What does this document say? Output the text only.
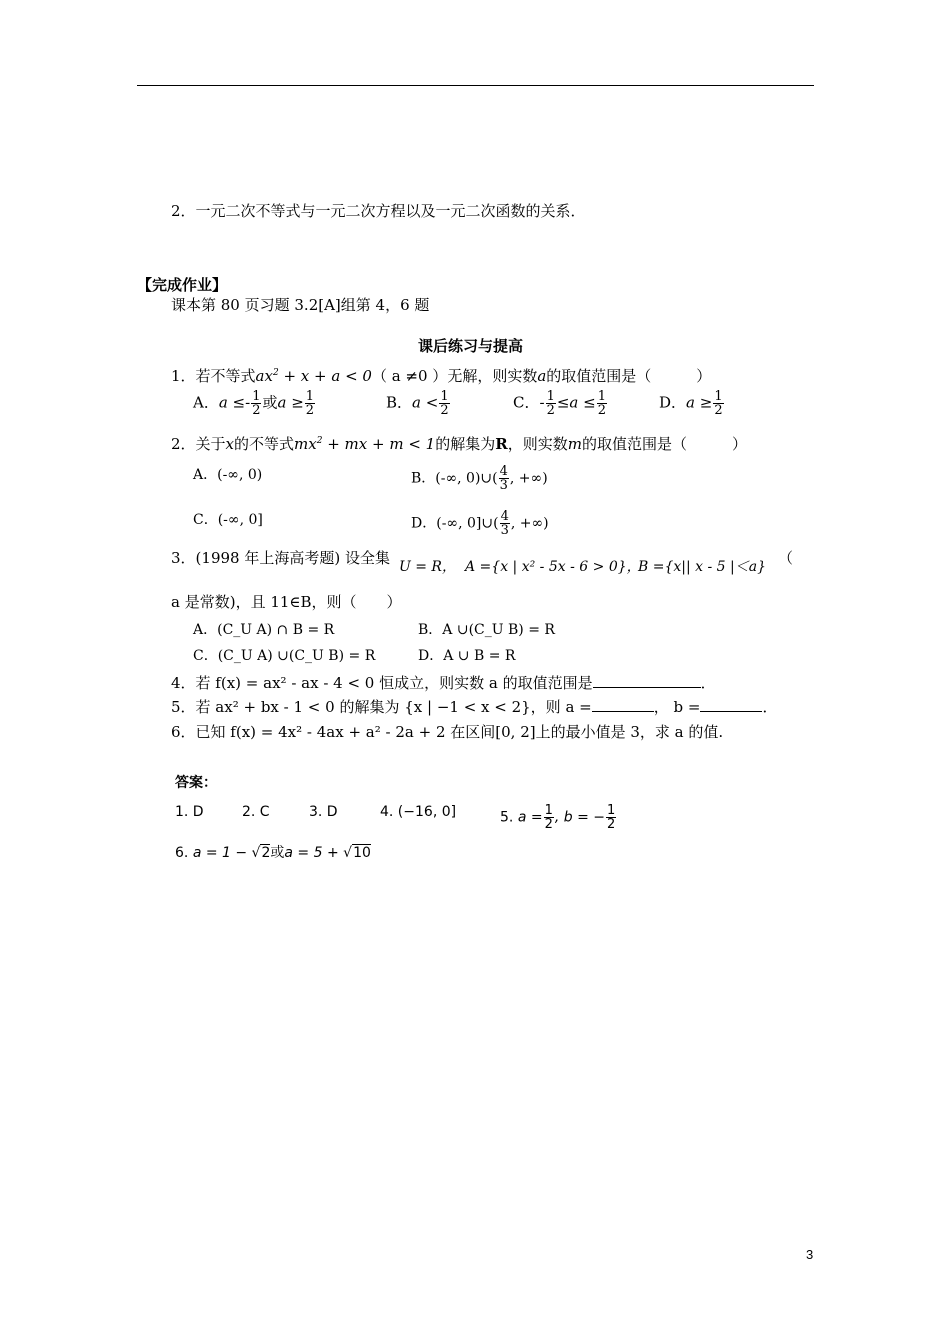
2．一元二次不等式与一元二次方程以及一元二次函数的关系．
【完成作业】
课本第 80 页习题 3.2[A]组第 4，6 题
课后练习与提高
1．若不等式$ax^2 + x + a < 0$（ a ≠0 ）无解，则实数a的取值范围是（　　　）
A．$a \le- \frac{1}{2}$ 或$a \ge \frac{1}{2}$	B．$a < \frac{1}{2}$	C．- $\frac{1}{2} \le a \le \frac{1}{2}$	D．$a \ge \frac{1}{2}$
2．关于x的不等式$mx^2$ + mx + m < 1的解集为R，则实数m的取值范围是（　　　）
A．(-∞, 0)	B．(-∞, 0)∪( $\frac{4}{3}$ , +∞)
C．(-∞, 0]	D．(-∞, 0]∪( $\frac{4}{3}$ , +∞)
3．(1998 年上海高考题) 设全集 U = R， A ={x | x² - 5x - 6 > 0}，
B ={x|| x - 5 |＜a} （
a 是常数)，且 11∈B，则（　　）
A．(C_U A) ∩ B = R	B．A ∪(C_U B) = R
C．(C_U A) ∪(C_U B) = R	D．A ∪ B = R
4．若 f(x) = ax² - ax - 4 < 0 恒成立，则实数 a 的取值范围是	．
5．若 ax² + bx - 1 < 0 的解集为 {x | −1 < x < 2}，则 a =	， b =	．
6．已知 f(x) = 4x² - 4ax + a² - 2a + 2 在区间[0, 2]上的最小值是 3，求 a 的值.
答案：
1. D	2. C	3. D	4. (−16, 0]	5. $a = \frac{1}{2}$ , b = − $\frac{1}{2}$
6. a = 1 − √2或a = 5 + √10
3
